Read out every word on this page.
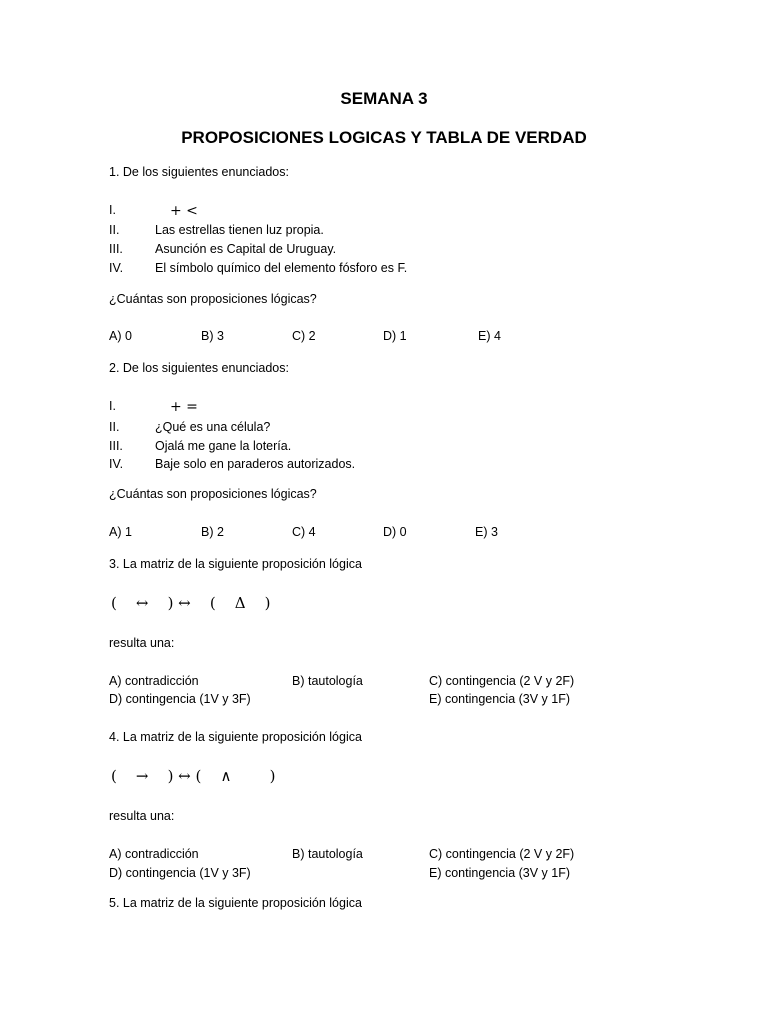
SEMANA 3
PROPOSICIONES LOGICAS Y TABLA DE VERDAD
1. De los siguientes enunciados:
I.	+ <
II.	Las estrellas tienen luz propia.
III.	Asunción es Capital de Uruguay.
IV.	El símbolo químico del elemento fósforo es F.
¿Cuántas son proposiciones lógicas?
A) 0	B) 3	C) 2	D) 1	E) 4
2. De los siguientes enunciados:
I.	+ =
II.	¿Qué es una célula?
III.	Ojalá me gane la lotería.
IV.	Baje solo en paraderos autorizados.
¿Cuántas son proposiciones lógicas?
A) 1	B) 2	C) 4	D) 0	E) 3
3. La matriz de la siguiente proposición lógica
(    ↔    ) ↔    (    Δ    )
resulta una:
A) contradicción	B) tautología	C) contingencia (2 V y 2F)
D) contingencia (1V y 3F)	E) contingencia (3V y 1F)
4. La matriz de la siguiente proposición lógica
(    →    ) ↔ (    ∧        )
resulta una:
A) contradicción	B) tautología	C) contingencia (2 V y 2F)
D) contingencia (1V y 3F)	E) contingencia (3V y 1F)
5. La matriz de la siguiente proposición lógica
